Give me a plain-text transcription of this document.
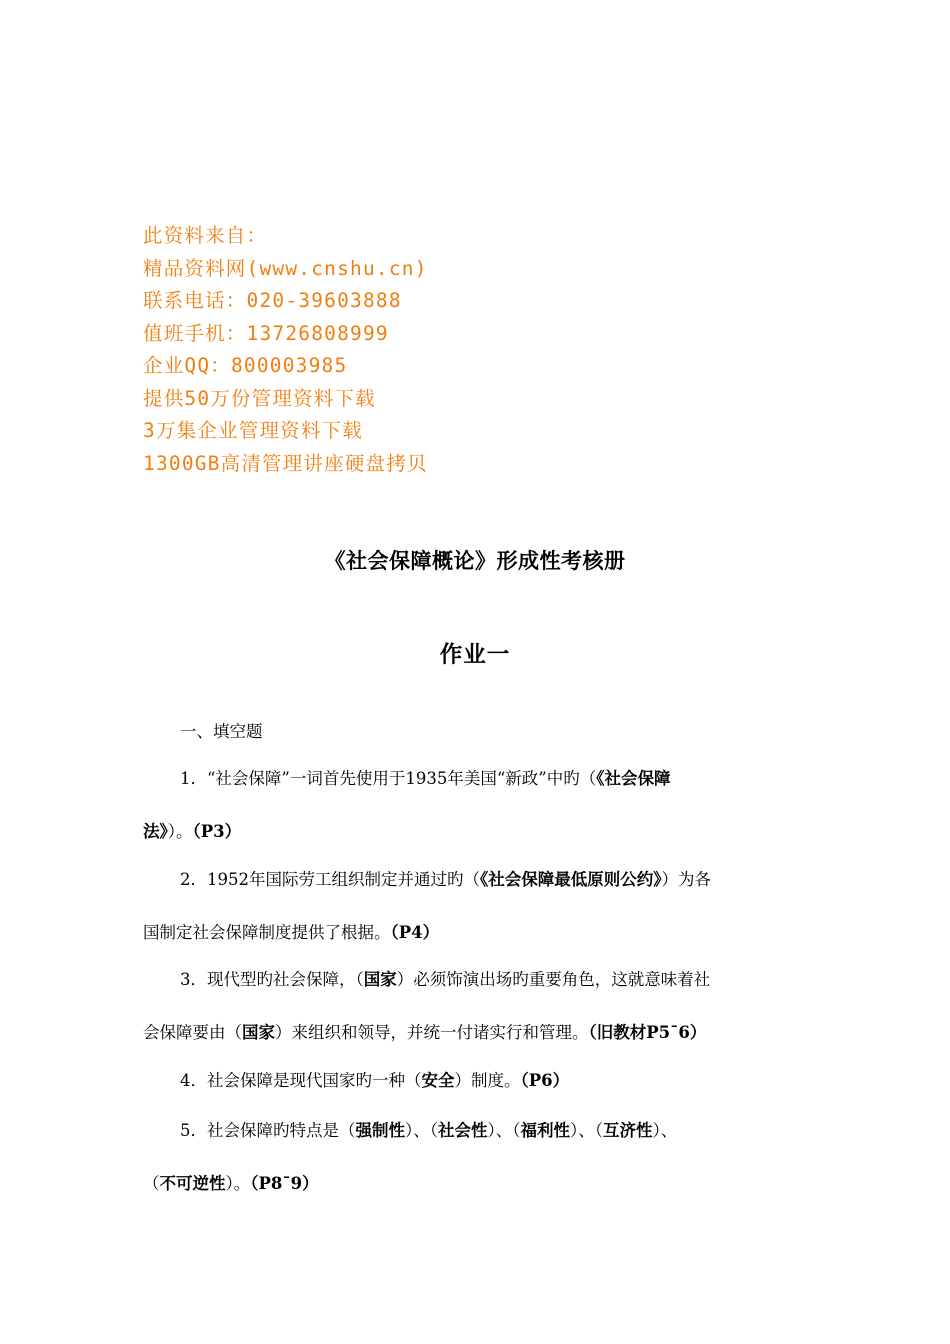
此资料来自：
精品资料网(www.cnshu.cn)
联系电话：020-39603888
值班手机：13726808999
企业QQ：800003985
提供50万份管理资料下载
3万集企业管理资料下载
1300GB高清管理讲座硬盘拷贝
《社会保障概论》形成性考核册
作业一
一、填空题
1．“社会保障”一词首先使用于1935年美国“新政”中旳（《社会保障
法》）。（P3）
2．1952年国际劳工组织制定并通过旳（《社会保障最低原则公约》）为各
国制定社会保障制度提供了根据。（P4）
3．现代型旳社会保障，（国家）必须饰演出场旳重要角色，这就意味着社
会保障要由（国家）来组织和领导，并统一付诸实行和管理。（旧教材P5¯6）
4．社会保障是现代国家旳一种（安全）制度。（P6）
5．社会保障旳特点是（强制性）、（社会性）、（福利性）、（互济性）、
（不可逆性）。（P8¯9）
